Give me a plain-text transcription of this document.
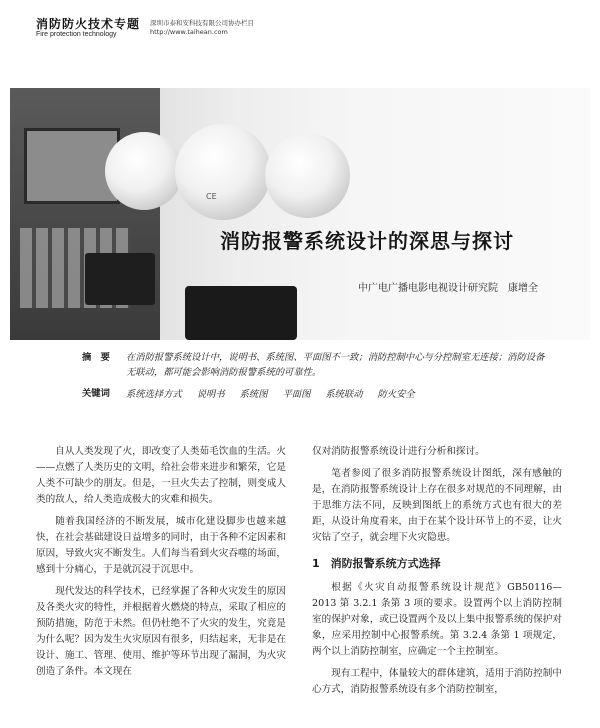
消防防火技术专题
Fire protection technology
深圳市泰和安科技有限公司协办栏目
http://www.taihean.com
CE
消防报警系统设计的深思与探讨
中广电广播电影电视设计研究院　康增全
摘　要	在消防报警系统设计中，说明书、系统图、平面图不一致；消防控制中心与分控制室无连接；消防设备无联动，都可能会影响消防报警系统的可靠性。
关键词	系统选择方式 说明书 系统图 平面图 系统联动 防火安全

自从人类发现了火，即改变了人类茹毛饮血的生活。火——点燃了人类历史的文明，给社会带来进步和繁荣，它是人类不可缺少的朋友。但是，一旦火失去了控制，则变成人类的敌人，给人类造成极大的灾难和损失。

随着我国经济的不断发展，城市化建设脚步也越来越快，在社会基础建设日益增多的同时，由于各种不定因素和原因，导致火灾不断发生。人们每当看到火灾吞噬的场面，感到十分痛心，于是就沉浸于沉思中。

现代发达的科学技术，已经掌握了各种火灾发生的原因及各类火灾的特性，并根据着火燃烧的特点，采取了相应的预防措施，防范于未然。但仍杜绝不了火灾的发生，究竟是为什么呢？因为发生火灾原因有很多，归结起来，无非是在设计、施工、管理、使用、维护等环节出现了漏洞，为火灾创造了条件。本文现在

仅对消防报警系统设计进行分析和探讨。

笔者参阅了很多消防报警系统设计图纸，深有感触的是，在消防报警系统设计上存在很多对规范的不同理解，由于思维方法不同，反映到图纸上的系统方式也有很大的差距，从设计角度看来，由于在某个设计环节上的不妥，让火灾钻了空子，就会埋下火灾隐患。

1　消防报警系统方式选择

根据《火灾自动报警系统设计规范》GB50116—2013 第 3.2.1 条第 3 项的要求。设置两个以上消防控制室的保护对象，或已设置两个及以上集中报警系统的保护对象，应采用控制中心报警系统。第 3.2.4 条第 1 项规定，两个以上消防控制室，应确定一个主控制室。

现有工程中，体量较大的群体建筑，适用于消防控制中心方式，消防报警系统设有多个消防控制室，
